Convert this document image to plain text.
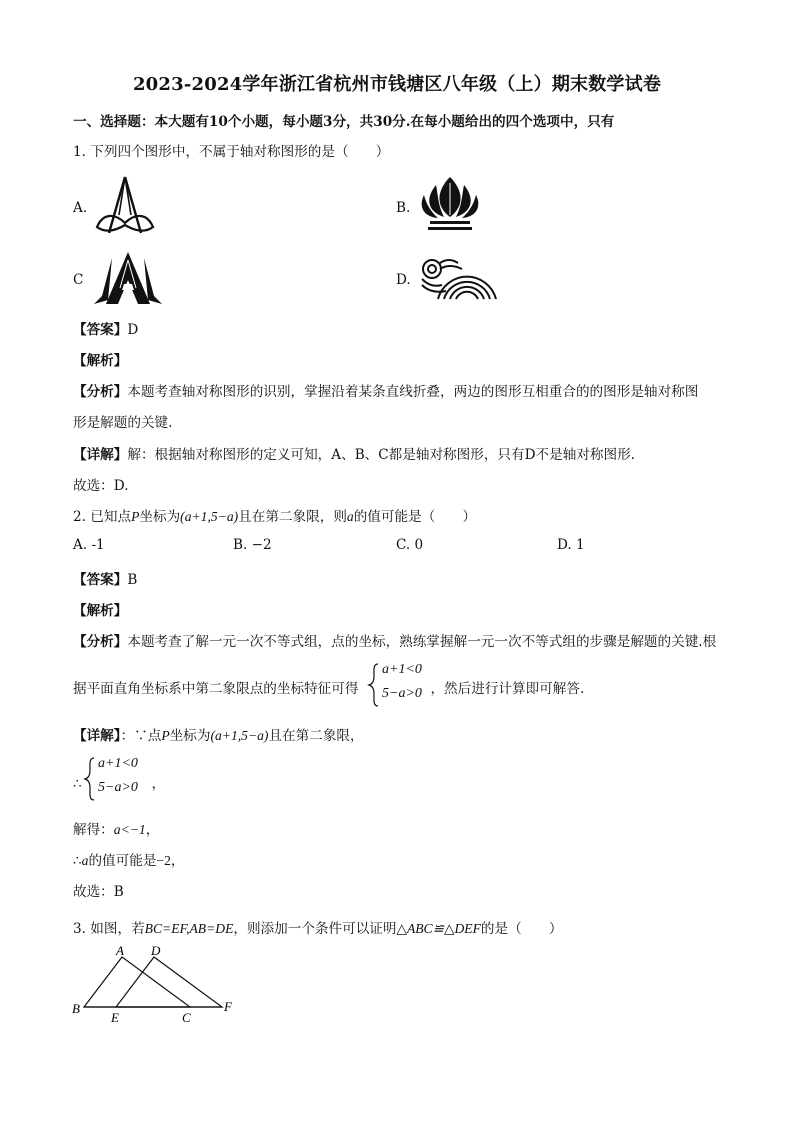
2023-2024学年浙江省杭州市钱塘区八年级（上）期末数学试卷
一、选择题：本大题有10个小题，每小题3分，共30分.在每小题给出的四个选项中，只有
1. 下列四个图形中，不属于轴对称图形的是（　　）
A.	B.
C	D.
【答案】D
【解析】
【分析】本题考查轴对称图形的识别，掌握沿着某条直线折叠，两边的图形互相重合的的图形是轴对称图
形是解题的关键.
【详解】解：根据轴对称图形的定义可知，A、B、C都是轴对称图形，只有D不是轴对称图形.
故选：D.
2. 已知点P坐标为(a+1,5−a)且在第二象限，则a的值可能是（　　）
A. -1	B. −2	C. 0	D. 1
【答案】B
【解析】
【分析】本题考查了解一元一次不等式组，点的坐标，熟练掌握解一元一次不等式组的步骤是解题的关键.根
据平面直角坐标系中第二象限点的坐标特征可得	，然后进行计算即可解答.
a+1<0
5−a>0
【详解】：∵点P坐标为(a+1,5−a)且在第二象限，
∴	，
a+1<0
5−a>0
解得：a<−1，
∴a的值可能是−2，
故选：B
3. 如图，若BC=EF,AB=DE，则添加一个条件可以证明△ABC≌△DEF的是（　　）
A D
B
E	C
F
